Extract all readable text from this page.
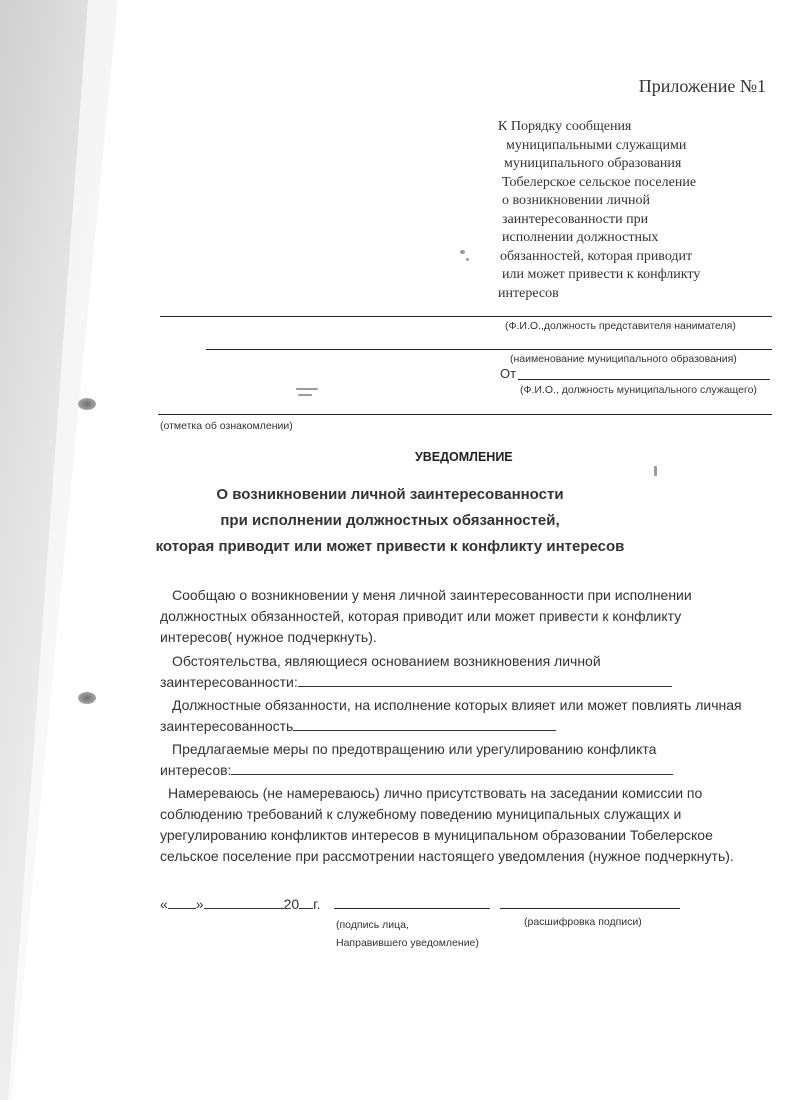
Приложение №1
К Порядку сообщения
муниципальными служащими
муниципального образования
Тобелерское сельское поселение
о возникновении личной
заинтересованности при
исполнении должностных
обязанностей, которая приводит
или может привести к конфликту
интересов
(Ф.И.О.,должность представителя нанимателя)
(наименование муниципального образования)
От
(Ф.И.О., должность муниципального служащего)
(отметка об ознакомлении)
УВЕДОМЛЕНИЕ
О возникновении личной заинтересованности
при исполнении должностных обязанностей,
которая приводит или может привести к конфликту интересов
Сообщаю о возникновении у меня личной заинтересованности при исполнении
должностных обязанностей, которая приводит или может привести к конфликту
интересов( нужное подчеркнуть).
Обстоятельства, являющиеся основанием возникновения личной
заинтересованности:
Должностные обязанности, на исполнение которых влияет или может повлиять личная
заинтересованность
Предлагаемые меры по предотвращению или урегулированию конфликта
интересов:
Намереваюсь (не намереваюсь) лично присутствовать на заседании комиссии по
соблюдению требований к служебному поведению муниципальных служащих и
урегулированию конфликтов интересов в муниципальном образовании Тобелерское
сельское поселение при рассмотрении настоящего уведомления (нужное подчеркнуть).
« »	20 г.
(подпись лица,
Направившего уведомление)
(расшифровка подписи)
